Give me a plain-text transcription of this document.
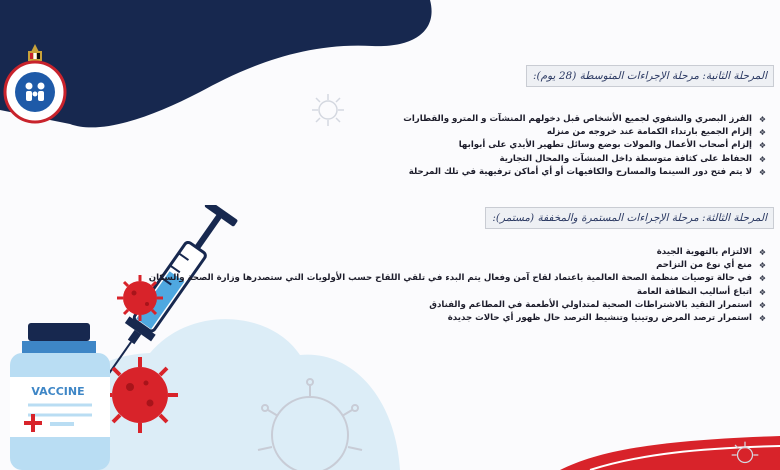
VACCINE
المرحلة الثانية: مرحلة الإجراءات المتوسطة (28 يوم):
❖ الفرز البصري والشفوي لجميع الأشخاص قبل دخولهم المنشآت و المترو والقطارات
❖ إلزام الجميع بارتداء الكمامة عند خروجه من منزله
❖ إلزام أصحاب الأعمال والمولات بوضع وسائل تطهير الأيدي على أبوابها
❖ الحفاظ على كثافة متوسطة داخل المنشآت والمحال التجارية
❖ لا يتم فتح دور السينما والمسارح والكافيهات أو أي أماكن ترفيهية في تلك المرحلة
المرحلة الثالثة: مرحلة الإجراءات المستمرة والمخففة (مستمر):
❖ الالتزام بالتهوية الجيدة
❖ منع أي نوع من التزاحم
❖ في حالة توصيات منظمة الصحة العالمية باعتماد لقاح آمن وفعال يتم البدء في تلقي اللقاح حسب الأولويات التي ستصدرها وزارة الصحة والسكان
❖ اتباع أساليب النظافة العامة
❖ استمرار التقيد بالاشتراطات الصحية لمتداولي الأطعمة في المطاعم والفنادق
❖ استمرار ترصد المرض روتينيا وتنشيط الترصد حال ظهور أي حالات جديدة
